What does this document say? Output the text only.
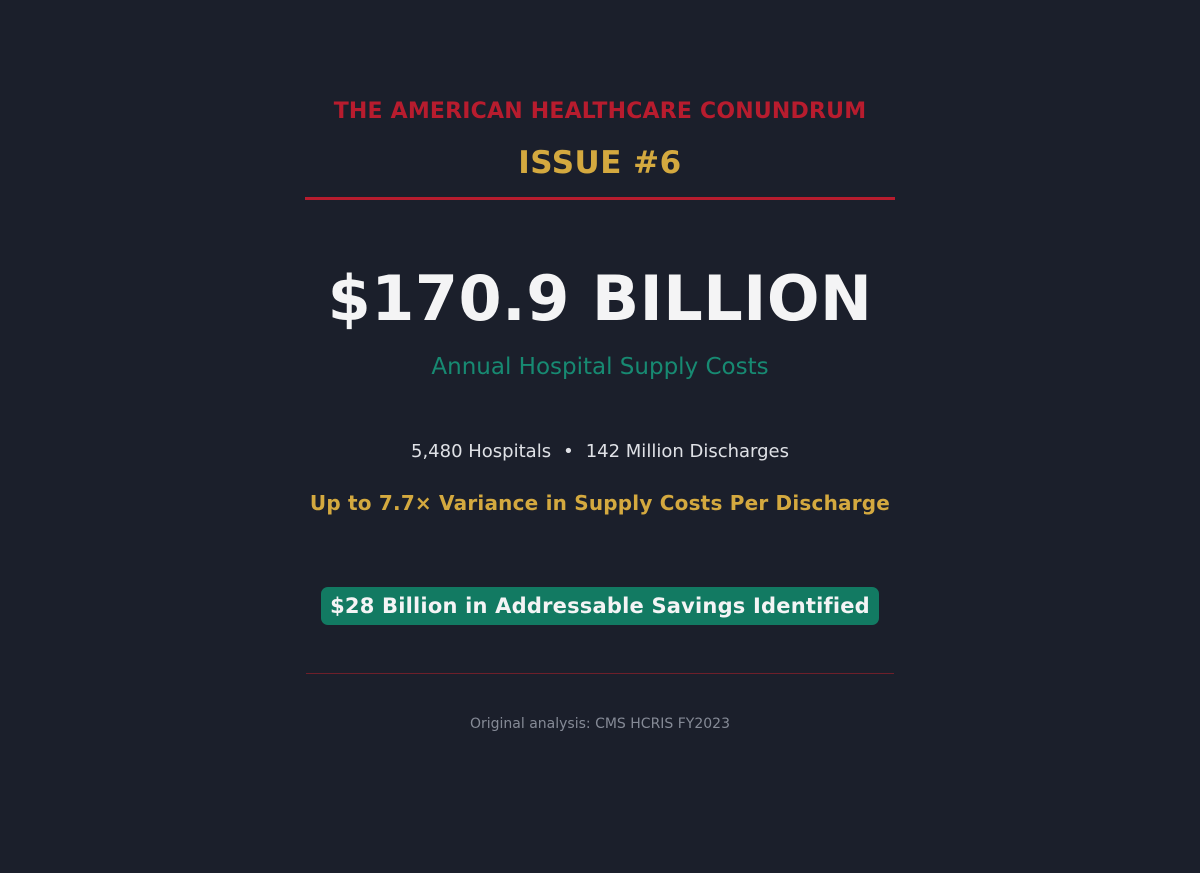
THE AMERICAN HEALTHCARE CONUNDRUM
ISSUE #6
$170.9 BILLION
Annual Hospital Supply Costs
5,480 Hospitals • 142 Million Discharges
Up to 7.7× Variance in Supply Costs Per Discharge
$28 Billion in Addressable Savings Identified
Original analysis: CMS HCRIS FY2023
